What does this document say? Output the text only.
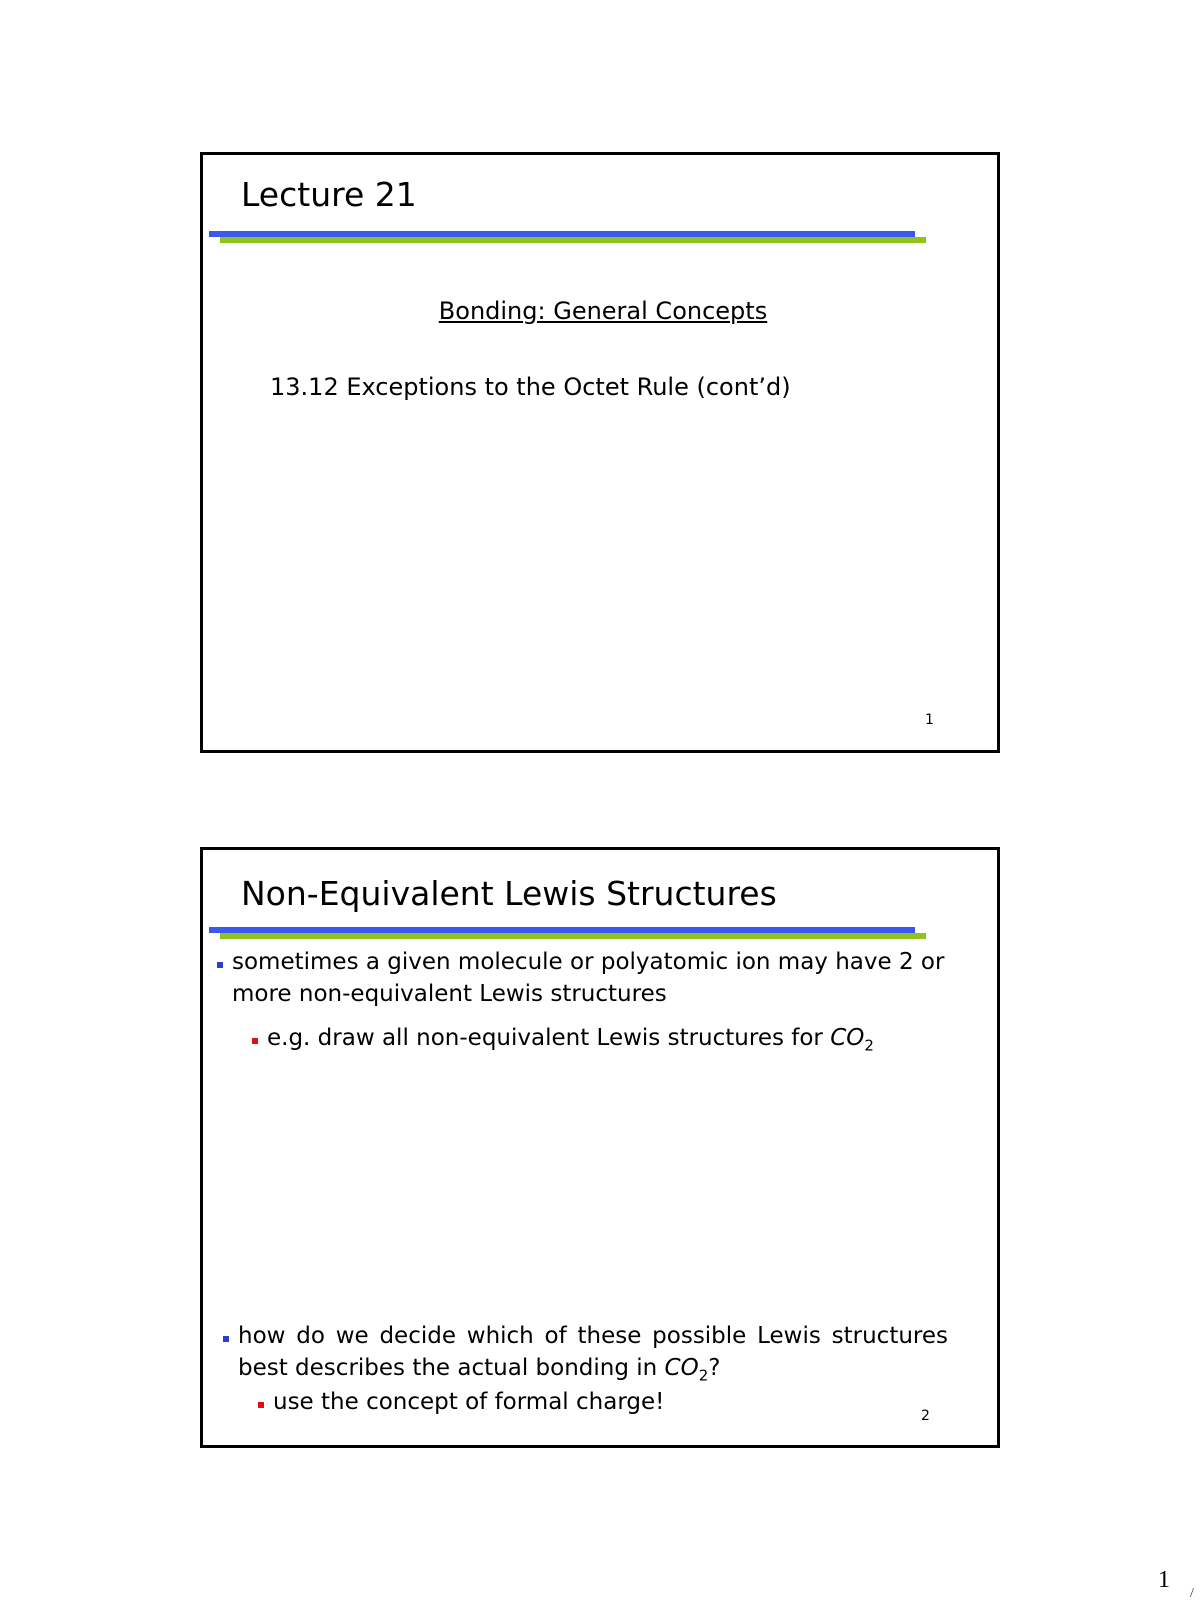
Lecture 21
Bonding: General Concepts
13.12 Exceptions to the Octet Rule (cont’d)
1
Non-Equivalent Lewis Structures
sometimes a given molecule or polyatomic ion may have 2 or more non-equivalent Lewis structures
e.g. draw all non-equivalent Lewis structures for $CO_2$
how do we decide which of these possible Lewis structures best describes the actual bonding in $CO_2$?
use the concept of formal charge!
2
1
/
